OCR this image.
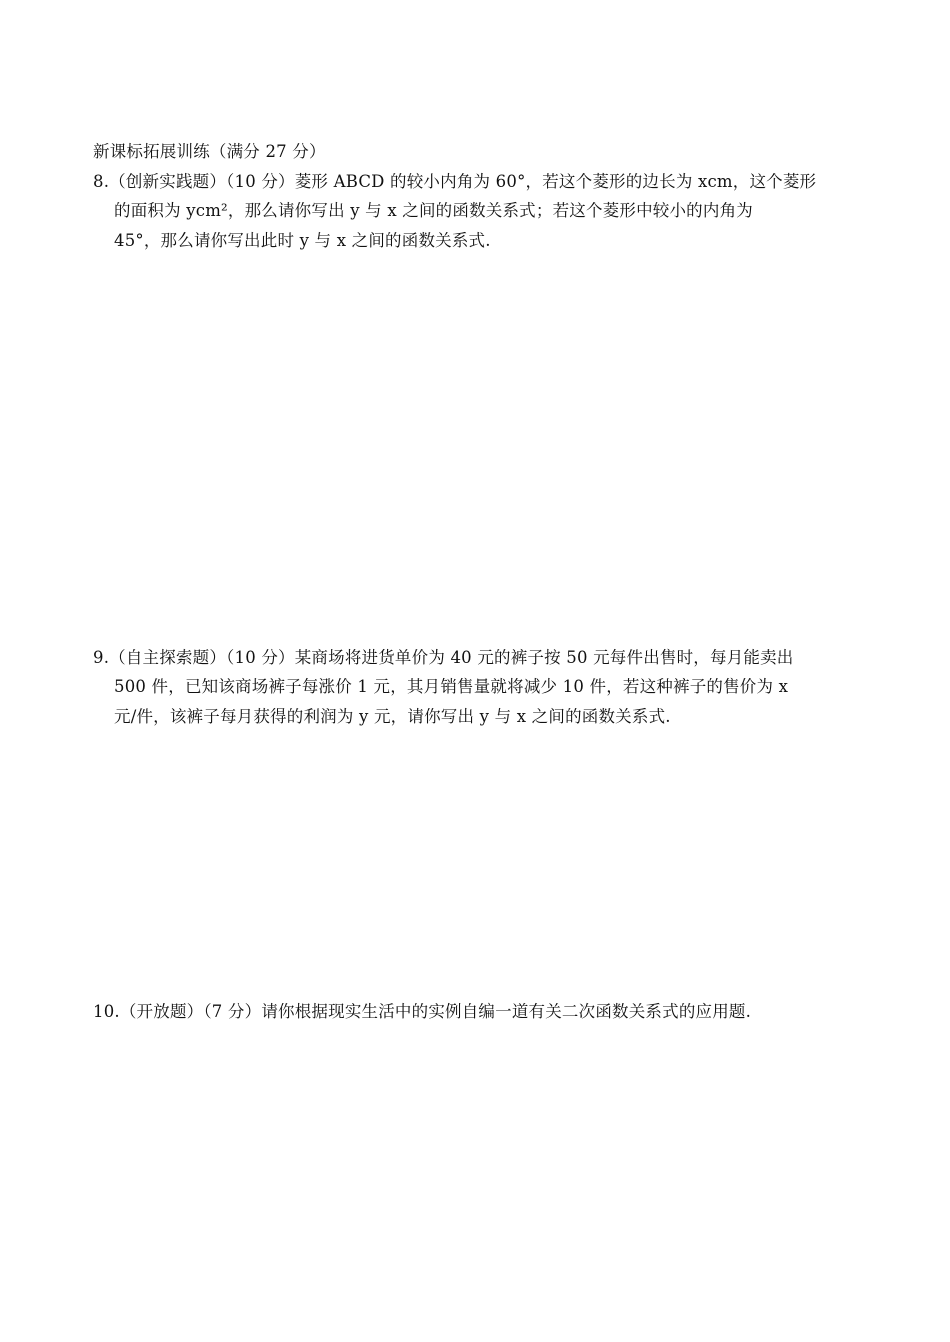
新课标拓展训练（满分 27 分）
8.（创新实践题）（10 分）菱形 ABCD 的较小内角为 60°，若这个菱形的边长为 xcm，这个菱形
的面积为 ycm²，那么请你写出 y 与 x 之间的函数关系式；若这个菱形中较小的内角为
45°，那么请你写出此时 y 与 x 之间的函数关系式.
9.（自主探索题）（10 分）某商场将进货单价为 40 元的裤子按 50 元每件出售时，每月能卖出
500 件，已知该商场裤子每涨价 1 元，其月销售量就将减少 10 件，若这种裤子的售价为 x
元/件，该裤子每月获得的利润为 y 元，请你写出 y 与 x 之间的函数关系式.
10.（开放题）（7 分）请你根据现实生活中的实例自编一道有关二次函数关系式的应用题.
